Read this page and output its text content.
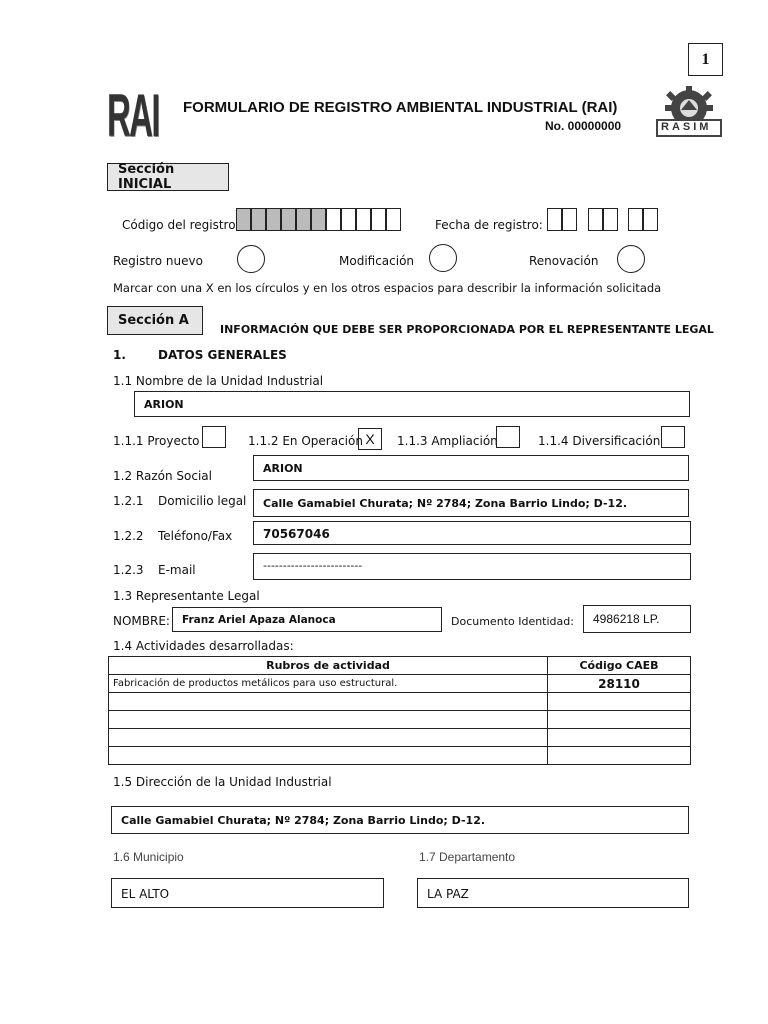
1
RAI FORMULARIO DE REGISTRO AMBIENTAL INDUSTRIAL (RAI)
No. 00000000	RASIM
Sección INICIAL
Código del registro	Fecha de registro:
Registro nuevo	Modificación	Renovación
Marcar con una X en los círculos y en los otros espacios para describir la información solicitada
Sección A
INFORMACIÓN QUE DEBE SER PROPORCIONADA POR EL REPRESENTANTE LEGAL
1.	DATOS GENERALES
1.1 Nombre de la Unidad Industrial
ARION
1.1.1 Proyecto	1.1.2 En Operación X	1.1.3 Ampliación	1.1.4 Diversificación
1.2 Razón Social
ARION
1.2.1 Domicilio legal Calle Gamabiel Churata; Nº 2784; Zona Barrio Lindo; D-12.
1.2.2 Teléfono/Fax	70567046
1.2.3 E-mail	-------------------------
1.3 Representante Legal
NOMBRE: Franz Ariel Apaza Alanoca	Documento Identidad: 4986218 LP.
1.4 Actividades desarrolladas:
Rubros de actividad	Código CAEB
Fabricación de productos metálicos para uso estructural.	28110

1.5 Dirección de la Unidad Industrial
Calle Gamabiel Churata; Nº 2784; Zona Barrio Lindo; D-12.
1.6 Municipio
EL ALTO
1.7 Departamento
LA PAZ
